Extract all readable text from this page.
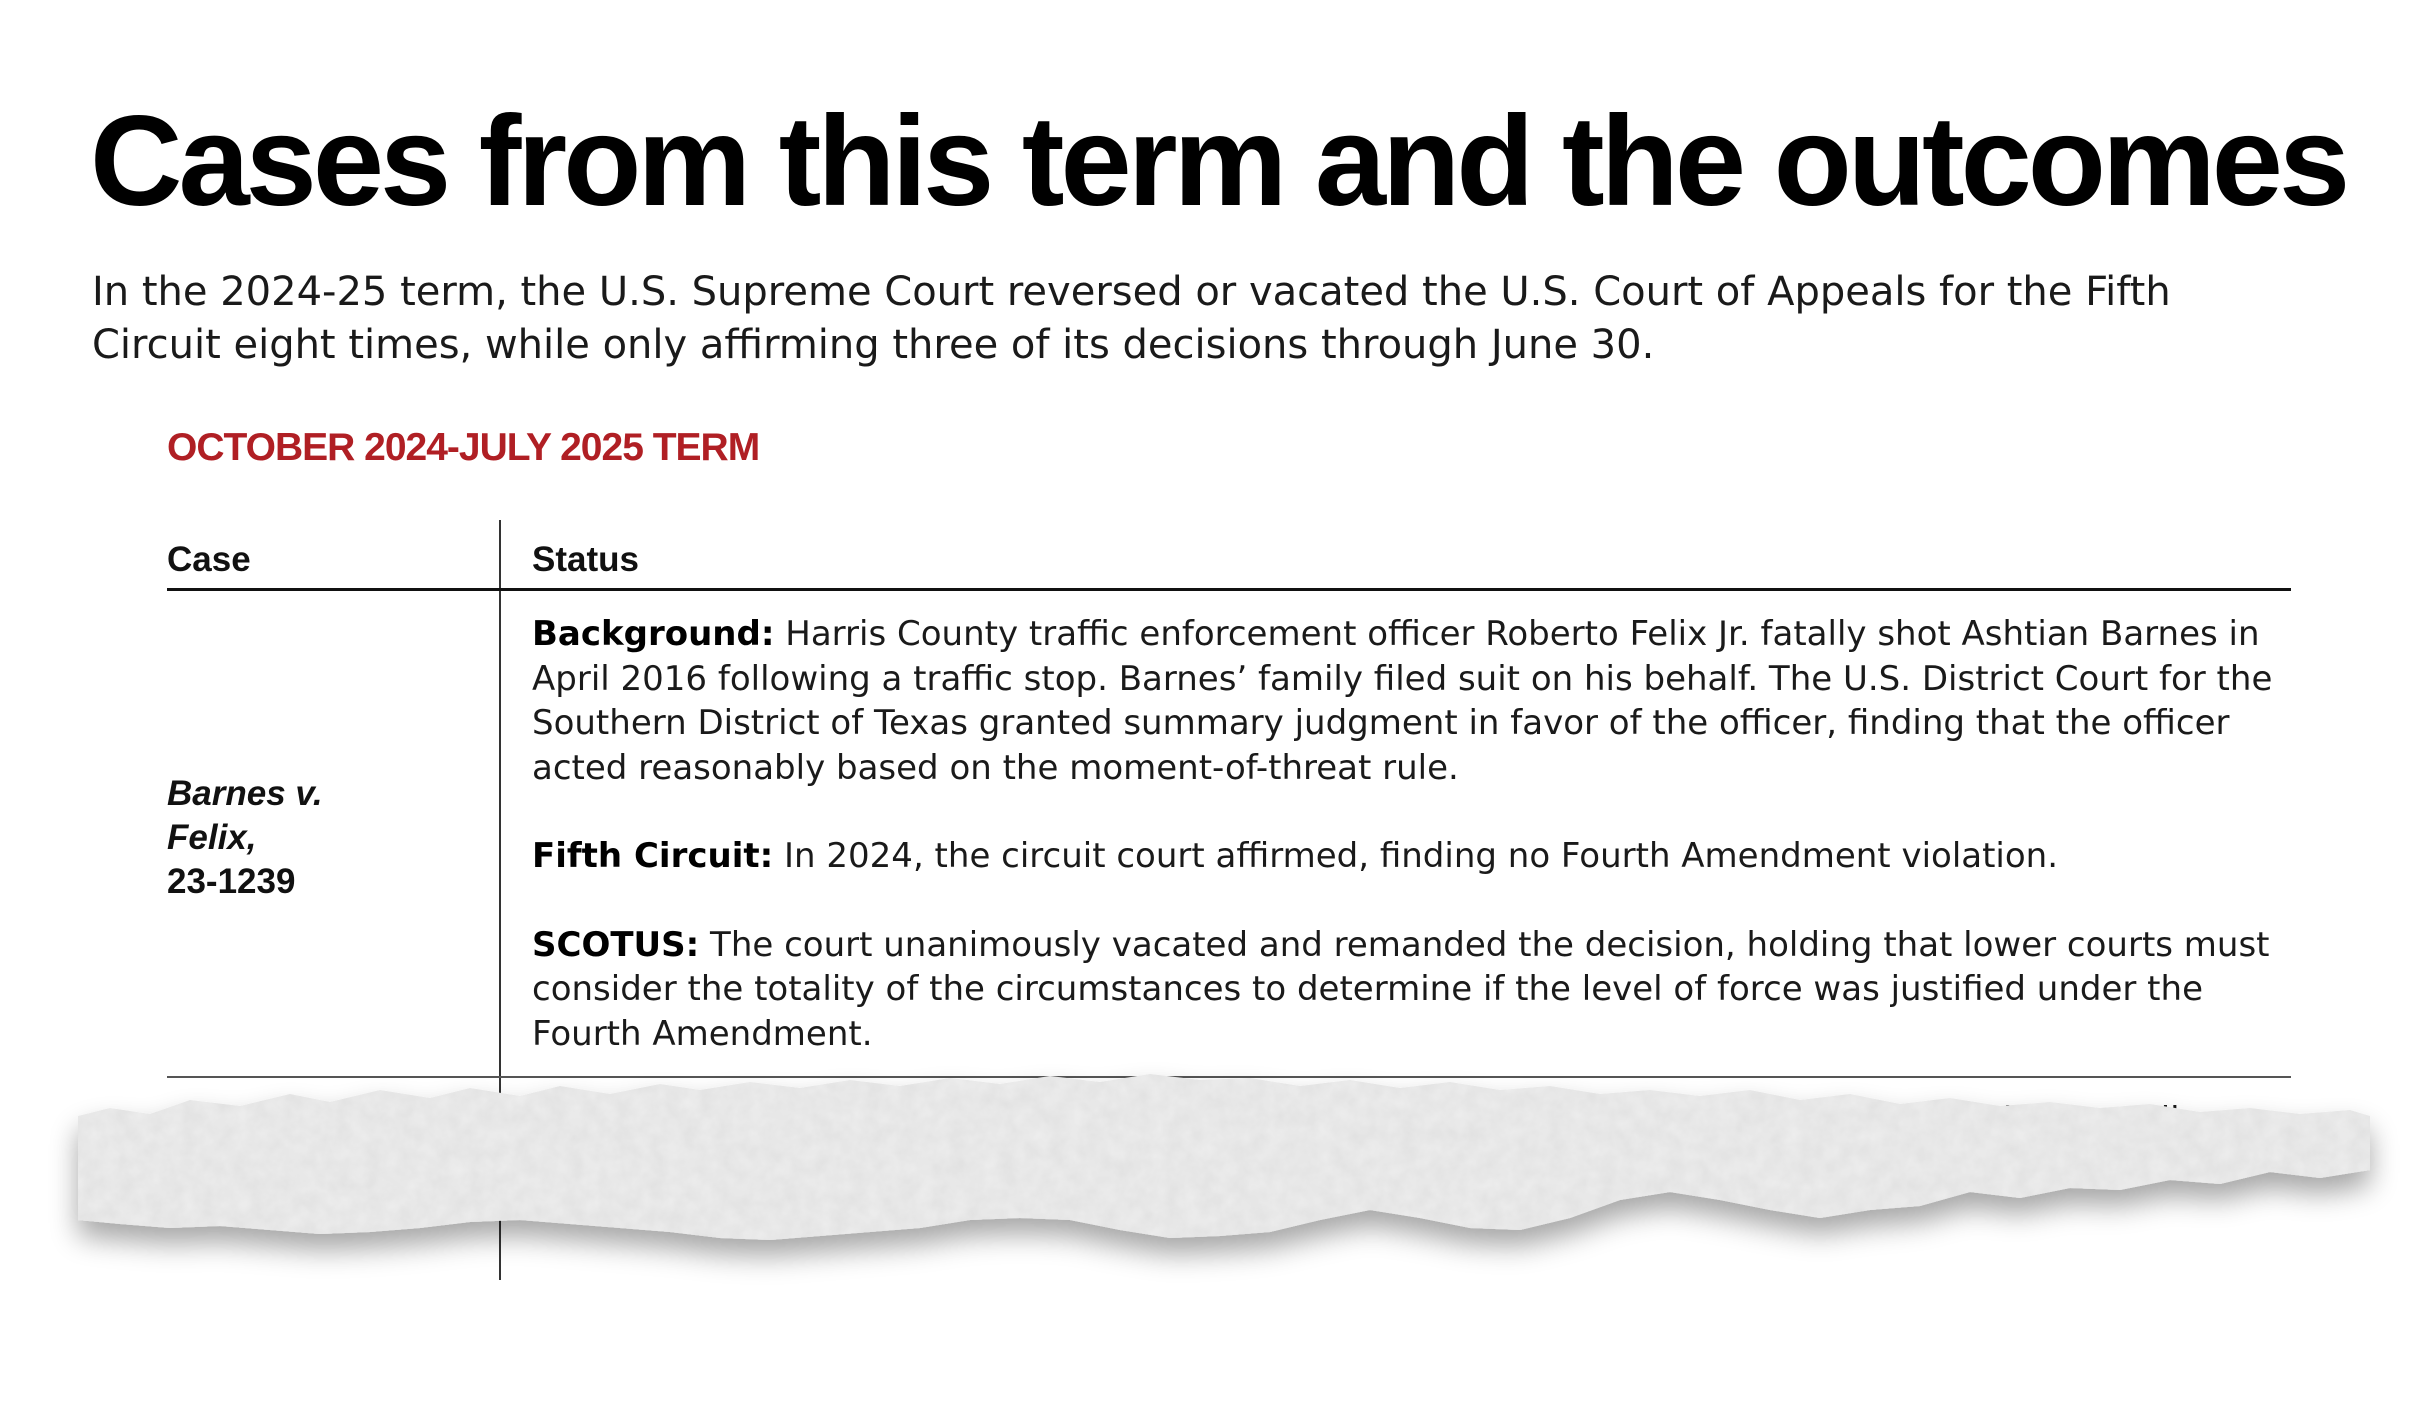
Cases from this term and the outcomes

In the 2024-25 term, the U.S. Supreme Court reversed or vacated the U.S. Court of Appeals for the Fifth Circuit eight times, while only affirming three of its decisions through June 30.

OCTOBER 2024-JULY 2025 TERM

Case	Status
Barnes v.
Felix,
23-1239

Background: Harris County traffic enforcement officer Roberto Felix Jr. fatally shot Ashtian Barnes in April 2016 following a traffic stop. Barnes’ family filed suit on his behalf. The U.S. District Court for the Southern District of Texas granted summary judgment in favor of the officer, finding that the officer acted reasonably based on the moment-of-threat rule.

Fifth Circuit: In 2024, the circuit court affirmed, finding no Fourth Amendment violation.

SCOTUS: The court unanimously vacated and remanded the decision, holding that lower courts must consider the totality of the circumstances to determine if the level of force was justified under the Fourth Amendment.
